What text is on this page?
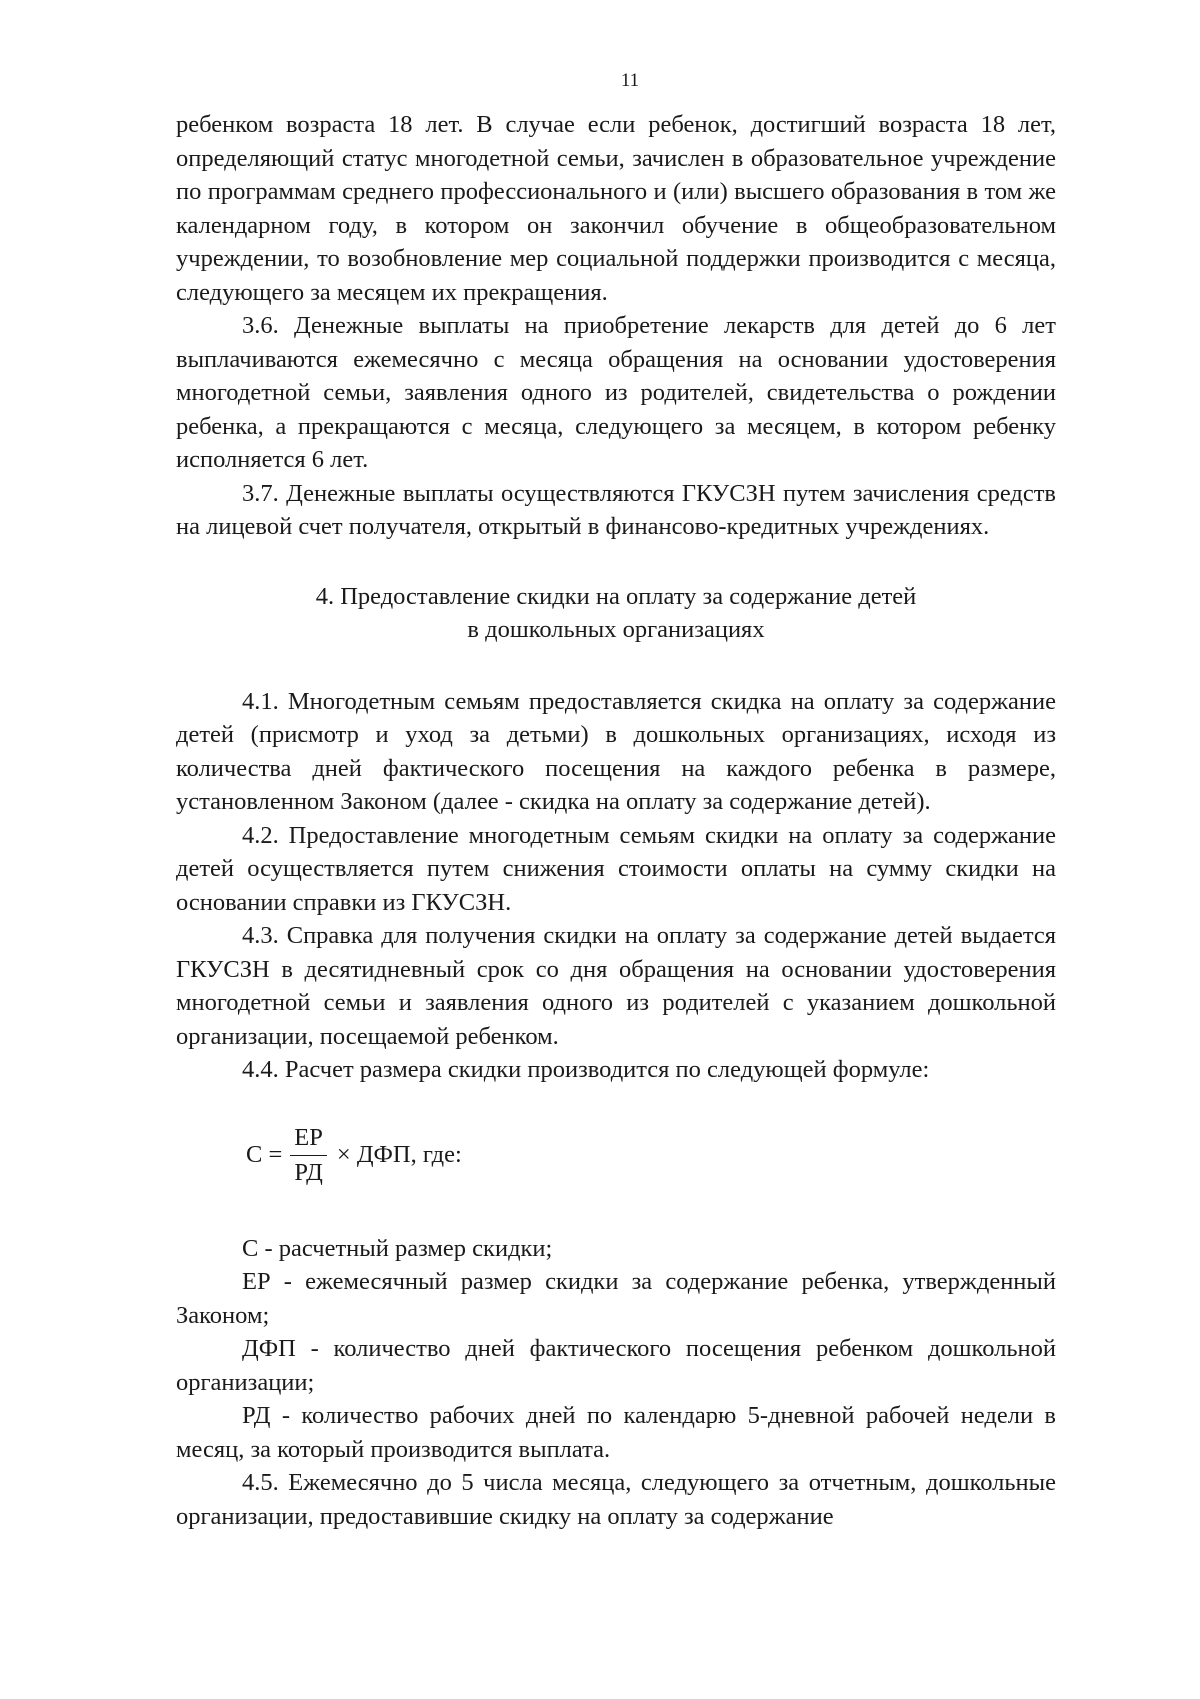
11

ребенком возраста 18 лет. В случае если ребенок, достигший возраста 18 лет, определяющий статус многодетной семьи, зачислен в образовательное учреждение по программам среднего профессионального и (или) высшего образования в том же календарном году, в котором он закончил обучение в общеобразовательном учреждении, то возобновление мер социальной поддержки производится с месяца, следующего за месяцем их прекращения.

3.6. Денежные выплаты на приобретение лекарств для детей до 6 лет выплачиваются ежемесячно с месяца обращения на основании удостоверения многодетной семьи, заявления одного из родителей, свидетельства о рождении ребенка, а прекращаются с месяца, следующего за месяцем, в котором ребенку исполняется 6 лет.

3.7. Денежные выплаты осуществляются ГКУСЗН путем зачисления средств на лицевой счет получателя, открытый в финансово-кредитных учреждениях.

4. Предоставление скидки на оплату за содержание детей
в дошкольных организациях

4.1. Многодетным семьям предоставляется скидка на оплату за содержание детей (присмотр и уход за детьми) в дошкольных организациях, исходя из количества дней фактического посещения на каждого ребенка в размере, установленном Законом (далее - скидка на оплату за содержание детей).

4.2. Предоставление многодетным семьям скидки на оплату за содержание детей осуществляется путем снижения стоимости оплаты на сумму скидки на основании справки из ГКУСЗН.

4.3. Справка для получения скидки на оплату за содержание детей выдается ГКУСЗН в десятидневный срок со дня обращения на основании удостоверения многодетной семьи и заявления одного из родителей с указанием дошкольной организации, посещаемой ребенком.

4.4. Расчет размера скидки производится по следующей формуле:

$С = \frac{ЕР}{РД}$ × ДФП, где:

С - расчетный размер скидки;

ЕР - ежемесячный размер скидки за содержание ребенка, утвержденный Законом;

ДФП - количество дней фактического посещения ребенком дошкольной организации;

РД - количество рабочих дней по календарю 5-дневной рабочей недели в месяц, за который производится выплата.

4.5. Ежемесячно до 5 числа месяца, следующего за отчетным, дошкольные организации, предоставившие скидку на оплату за содержание
